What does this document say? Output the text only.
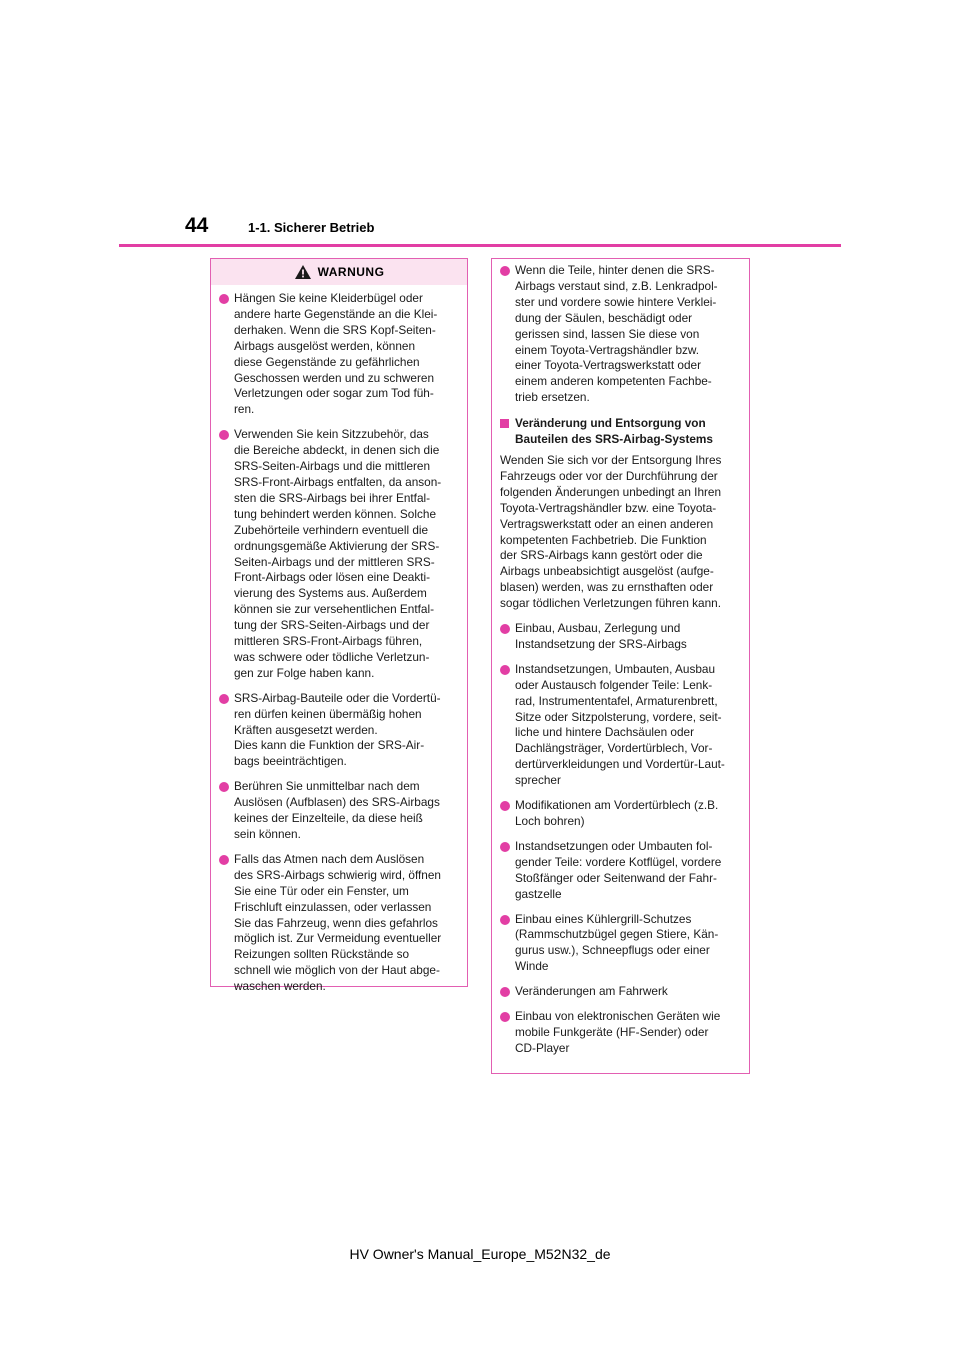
44	1-1. Sicherer Betrieb
WARNUNG
Hängen Sie keine Kleiderbügel oder
andere harte Gegenstände an die Klei-
derhaken. Wenn die SRS Kopf-Seiten-
Airbags ausgelöst werden, können
diese Gegenstände zu gefährlichen
Geschossen werden und zu schweren
Verletzungen oder sogar zum Tod füh-
ren.
Verwenden Sie kein Sitzzubehör, das
die Bereiche abdeckt, in denen sich die
SRS-Seiten-Airbags und die mittleren
SRS-Front-Airbags entfalten, da anson-
sten die SRS-Airbags bei ihrer Entfal-
tung behindert werden können. Solche
Zubehörteile verhindern eventuell die
ordnungsgemäße Aktivierung der SRS-
Seiten-Airbags und der mittleren SRS-
Front-Airbags oder lösen eine Deakti-
vierung des Systems aus. Außerdem
können sie zur versehentlichen Entfal-
tung der SRS-Seiten-Airbags und der
mittleren SRS-Front-Airbags führen,
was schwere oder tödliche Verletzun-
gen zur Folge haben kann.
SRS-Airbag-Bauteile oder die Vordertü-
ren dürfen keinen übermäßig hohen
Kräften ausgesetzt werden.
Dies kann die Funktion der SRS-Air-
bags beeinträchtigen.
Berühren Sie unmittelbar nach dem
Auslösen (Aufblasen) des SRS-Airbags
keines der Einzelteile, da diese heiß
sein können.
Falls das Atmen nach dem Auslösen
des SRS-Airbags schwierig wird, öffnen
Sie eine Tür oder ein Fenster, um
Frischluft einzulassen, oder verlassen
Sie das Fahrzeug, wenn dies gefahrlos
möglich ist. Zur Vermeidung eventueller
Reizungen sollten Rückstände so
schnell wie möglich von der Haut abge-
waschen werden.
Wenn die Teile, hinter denen die SRS-
Airbags verstaut sind, z.B. Lenkradpol-
ster und vordere sowie hintere Verklei-
dung der Säulen, beschädigt oder
gerissen sind, lassen Sie diese von
einem Toyota-Vertragshändler bzw.
einer Toyota-Vertragswerkstatt oder
einem anderen kompetenten Fachbe-
trieb ersetzen.
Veränderung und Entsorgung von
Bauteilen des SRS-Airbag-Systems
Wenden Sie sich vor der Entsorgung Ihres
Fahrzeugs oder vor der Durchführung der
folgenden Änderungen unbedingt an Ihren
Toyota-Vertragshändler bzw. eine Toyota-
Vertragswerkstatt oder an einen anderen
kompetenten Fachbetrieb. Die Funktion
der SRS-Airbags kann gestört oder die
Airbags unbeabsichtigt ausgelöst (aufge-
blasen) werden, was zu ernsthaften oder
sogar tödlichen Verletzungen führen kann.
Einbau, Ausbau, Zerlegung und
Instandsetzung der SRS-Airbags
Instandsetzungen, Umbauten, Ausbau
oder Austausch folgender Teile: Lenk-
rad, Instrumententafel, Armaturenbrett,
Sitze oder Sitzpolsterung, vordere, seit-
liche und hintere Dachsäulen oder
Dachlängsträger, Vordertürblech, Vor-
dertürverkleidungen und Vordertür-Laut-
sprecher
Modifikationen am Vordertürblech (z.B.
Loch bohren)
Instandsetzungen oder Umbauten fol-
gender Teile: vordere Kotflügel, vordere
Stoßfänger oder Seitenwand der Fahr-
gastzelle
Einbau eines Kühlergrill-Schutzes
(Rammschutzbügel gegen Stiere, Kän-
gurus usw.), Schneepflugs oder einer
Winde
Veränderungen am Fahrwerk
Einbau von elektronischen Geräten wie
mobile Funkgeräte (HF-Sender) oder
CD-Player
HV Owner's Manual_Europe_M52N32_de
